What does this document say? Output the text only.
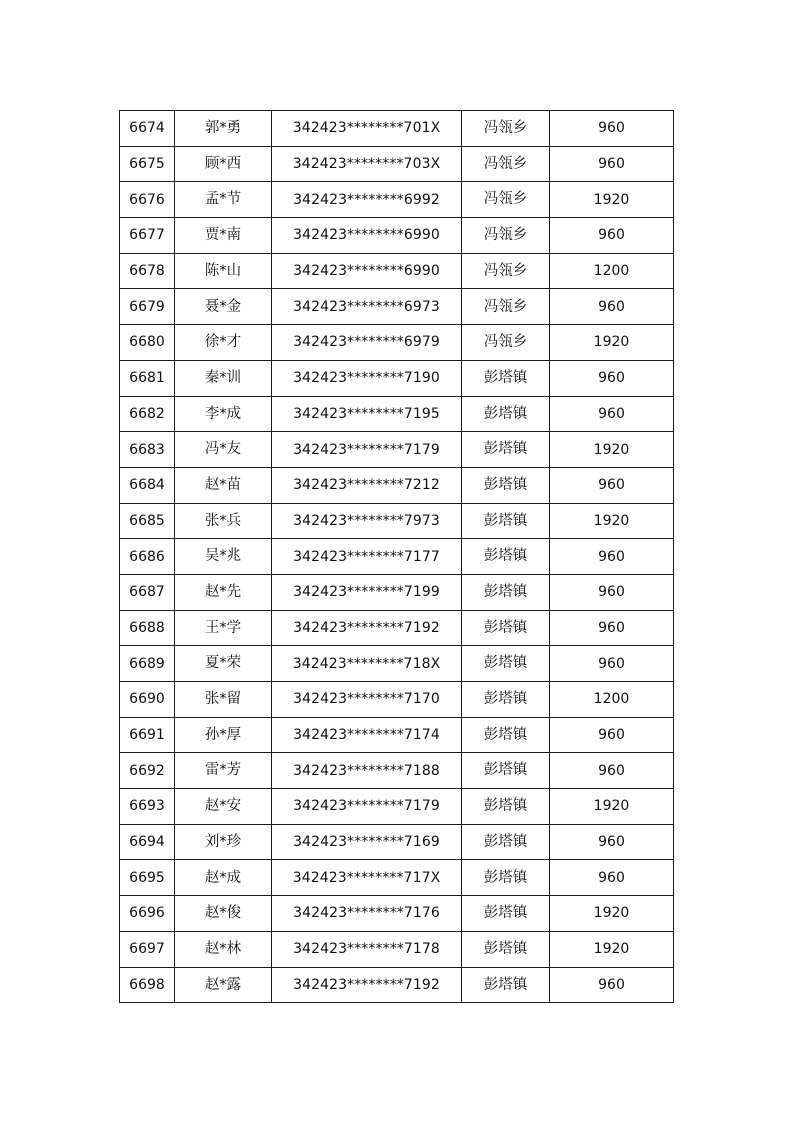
6674	郭*勇	342423********701X	冯瓴乡	960
6675	顾*西	342423********703X	冯瓴乡	960
6676	孟*节	342423********6992	冯瓴乡	1920
6677	贾*南	342423********6990	冯瓴乡	960
6678	陈*山	342423********6990	冯瓴乡	1200
6679	聂*金	342423********6973	冯瓴乡	960
6680	徐*才	342423********6979	冯瓴乡	1920
6681	秦*训	342423********7190	彭塔镇	960
6682	李*成	342423********7195	彭塔镇	960
6683	冯*友	342423********7179	彭塔镇	1920
6684	赵*苗	342423********7212	彭塔镇	960
6685	张*兵	342423********7973	彭塔镇	1920
6686	吴*兆	342423********7177	彭塔镇	960
6687	赵*先	342423********7199	彭塔镇	960
6688	王*学	342423********7192	彭塔镇	960
6689	夏*荣	342423********718X	彭塔镇	960
6690	张*留	342423********7170	彭塔镇	1200
6691	孙*厚	342423********7174	彭塔镇	960
6692	雷*芳	342423********7188	彭塔镇	960
6693	赵*安	342423********7179	彭塔镇	1920
6694	刘*珍	342423********7169	彭塔镇	960
6695	赵*成	342423********717X	彭塔镇	960
6696	赵*俊	342423********7176	彭塔镇	1920
6697	赵*林	342423********7178	彭塔镇	1920
6698	赵*露	342423********7192	彭塔镇	960
